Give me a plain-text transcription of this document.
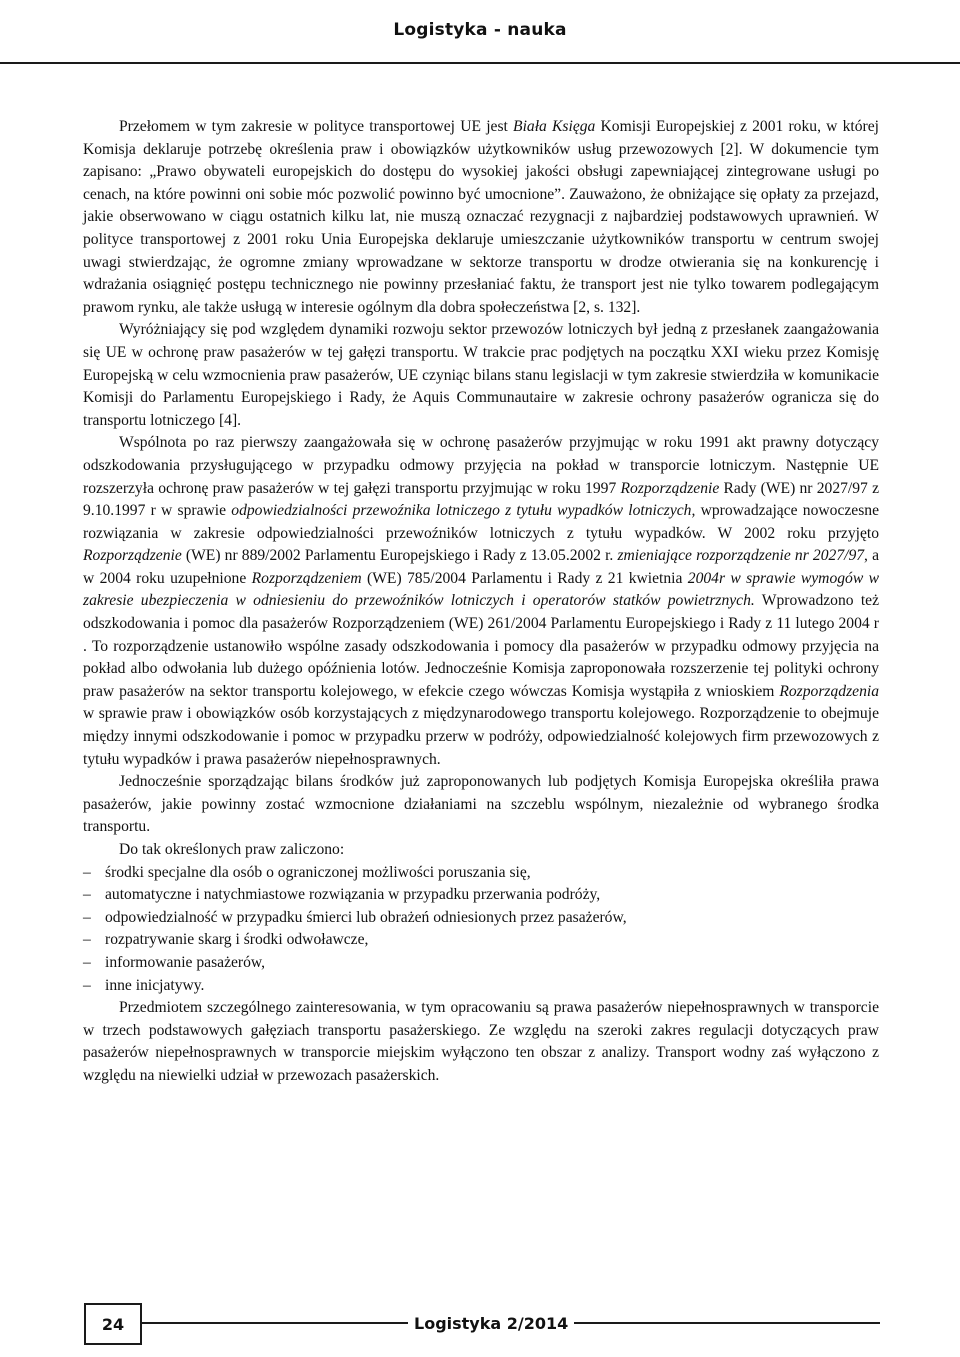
Logistyka - nauka

Przełomem w tym zakresie w polityce transportowej UE jest Biała Księga Komisji Europejskiej z 2001 roku, w której Komisja deklaruje potrzebę określenia praw i obowiązków użytkowników usług przewozowych [2]. W dokumencie tym zapisano: „Prawo obywateli europejskich do dostępu do wysokiej jakości obsługi zapewniającej zintegrowane usługi po cenach, na które powinni oni sobie móc pozwolić powinno być umocnione”. Zauważono, że obniżające się opłaty za przejazd, jakie obserwowano w ciągu ostatnich kilku lat, nie muszą oznaczać rezygnacji z najbardziej podstawowych uprawnień. W polityce transportowej z 2001 roku Unia Europejska deklaruje umieszczanie użytkowników transportu w centrum swojej uwagi stwierdzając, że ogromne zmiany wprowadzane w sektorze transportu w drodze otwierania się na konkurencję i wdrażania osiągnięć postępu technicznego nie powinny przesłaniać faktu, że transport jest nie tylko towarem podlegającym prawom rynku, ale także usługą w interesie ogólnym dla dobra społeczeństwa [2, s. 132].

Wyróżniający się pod względem dynamiki rozwoju sektor przewozów lotniczych był jedną z przesłanek zaangażowania się UE w ochronę praw pasażerów w tej gałęzi transportu. W trakcie prac podjętych na początku XXI wieku przez Komisję Europejską w celu wzmocnienia praw pasażerów, UE czyniąc bilans stanu legislacji w tym zakresie stwierdziła w komunikacie Komisji do Parlamentu Europejskiego i Rady, że Aquis Communautaire w zakresie ochrony pasażerów ogranicza się do transportu lotniczego [4].

Wspólnota po raz pierwszy zaangażowała się w ochronę pasażerów przyjmując w roku 1991 akt prawny dotyczący odszkodowania przysługującego w przypadku odmowy przyjęcia na pokład w transporcie lotniczym. Następnie UE rozszerzyła ochronę praw pasażerów w tej gałęzi transportu przyjmując w roku 1997 Rozporządzenie Rady (WE) nr 2027/97 z 9.10.1997 r w sprawie odpowiedzialności przewoźnika lotniczego z tytułu wypadków lotniczych, wprowadzające nowoczesne rozwiązania w zakresie odpowiedzialności przewoźników lotniczych z tytułu wypadków. W 2002 roku przyjęto Rozporządzenie (WE) nr 889/2002 Parlamentu Europejskiego i Rady z 13.05.2002 r. zmieniające rozporządzenie nr 2027/97, a w 2004 roku uzupełnione Rozporządzeniem (WE) 785/2004 Parlamentu i Rady z 21 kwietnia 2004r w sprawie wymogów w zakresie ubezpieczenia w odniesieniu do przewoźników lotniczych i operatorów statków powietrznych. Wprowadzono też odszkodowania i pomoc dla pasażerów Rozporządzeniem (WE) 261/2004 Parlamentu Europejskiego i Rady z 11 lutego 2004 r . To rozporządzenie ustanowiło wspólne zasady odszkodowania i pomocy dla pasażerów w przypadku odmowy przyjęcia na pokład albo odwołania lub dużego opóźnienia lotów. Jednocześnie Komisja zaproponowała rozszerzenie tej polityki ochrony praw pasażerów na sektor transportu kolejowego, w efekcie czego wówczas Komisja wystąpiła z wnioskiem Rozporządzenia w sprawie praw i obowiązków osób korzystających z międzynarodowego transportu kolejowego. Rozporządzenie to obejmuje między innymi odszkodowanie i pomoc w przypadku przerw w podróży, odpowiedzialność kolejowych firm przewozowych z tytułu wypadków i prawa pasażerów niepełnosprawnych.

Jednocześnie sporządzając bilans środków już zaproponowanych lub podjętych Komisja Europejska określiła prawa pasażerów, jakie powinny zostać wzmocnione działaniami na szczeblu wspólnym, niezależnie od wybranego środka transportu.

Do tak określonych praw zaliczono:

– środki specjalne dla osób o ograniczonej możliwości poruszania się,
– automatyczne i natychmiastowe rozwiązania w przypadku przerwania podróży,
– odpowiedzialność w przypadku śmierci lub obrażeń odniesionych przez pasażerów,
– rozpatrywanie skarg i środki odwoławcze,
– informowanie pasażerów,
– inne inicjatywy.

Przedmiotem szczególnego zainteresowania, w tym opracowaniu są prawa pasażerów niepełnosprawnych w transporcie w trzech podstawowych gałęziach transportu pasażerskiego. Ze względu na szeroki zakres regulacji dotyczących praw pasażerów niepełnosprawnych w transporcie miejskim wyłączono ten obszar z analizy. Transport wodny zaś wyłączono z względu na niewielki udział w przewozach pasażerskich.

24	Logistyka 2/2014
